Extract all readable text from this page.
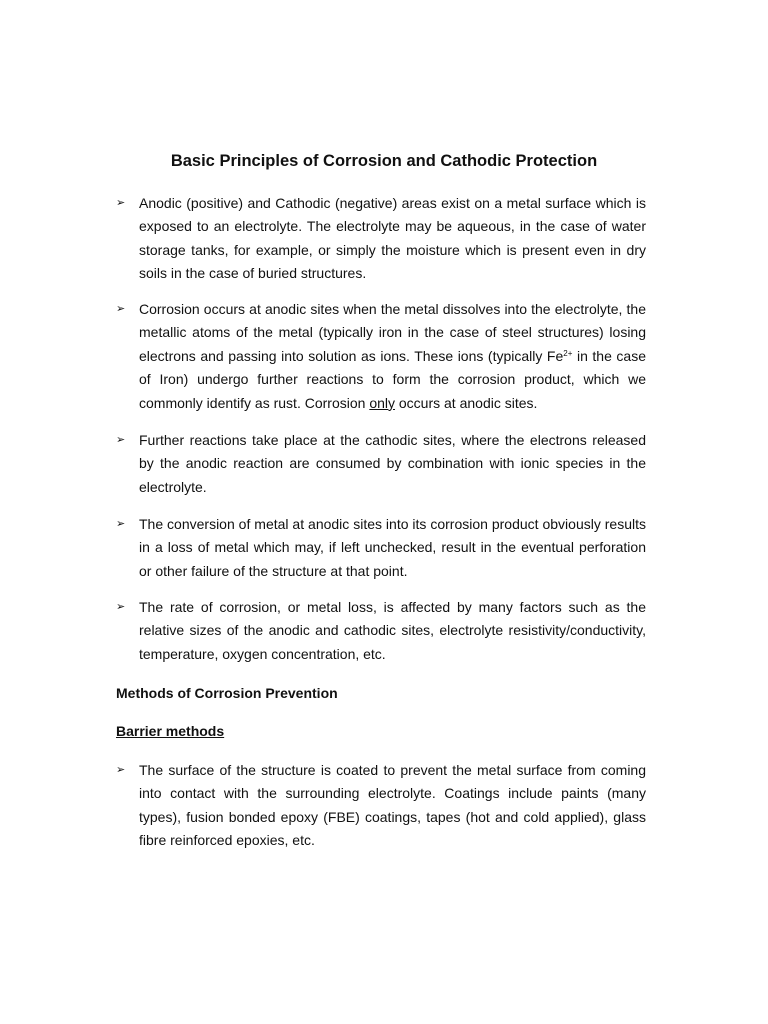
Basic Principles of Corrosion and Cathodic Protection
➢ Anodic (positive) and Cathodic (negative) areas exist on a metal surface which is exposed to an electrolyte. The electrolyte may be aqueous, in the case of water storage tanks, for example, or simply the moisture which is present even in dry soils in the case of buried structures.
➢ Corrosion occurs at anodic sites when the metal dissolves into the electrolyte, the metallic atoms of the metal (typically iron in the case of steel structures) losing electrons and passing into solution as ions. These ions (typically $Fe^{2+}$ in the case of Iron) undergo further reactions to form the corrosion product, which we commonly identify as rust. Corrosion only occurs at anodic sites.
➢ Further reactions take place at the cathodic sites, where the electrons released by the anodic reaction are consumed by combination with ionic species in the electrolyte.
➢ The conversion of metal at anodic sites into its corrosion product obviously results in a loss of metal which may, if left unchecked, result in the eventual perforation or other failure of the structure at that point.
➢ The rate of corrosion, or metal loss, is affected by many factors such as the relative sizes of the anodic and cathodic sites, electrolyte resistivity/conductivity, temperature, oxygen concentration, etc.
Methods of Corrosion Prevention
Barrier methods
➢ The surface of the structure is coated to prevent the metal surface from coming into contact with the surrounding electrolyte. Coatings include paints (many types), fusion bonded epoxy (FBE) coatings, tapes (hot and cold applied), glass fibre reinforced epoxies, etc.
